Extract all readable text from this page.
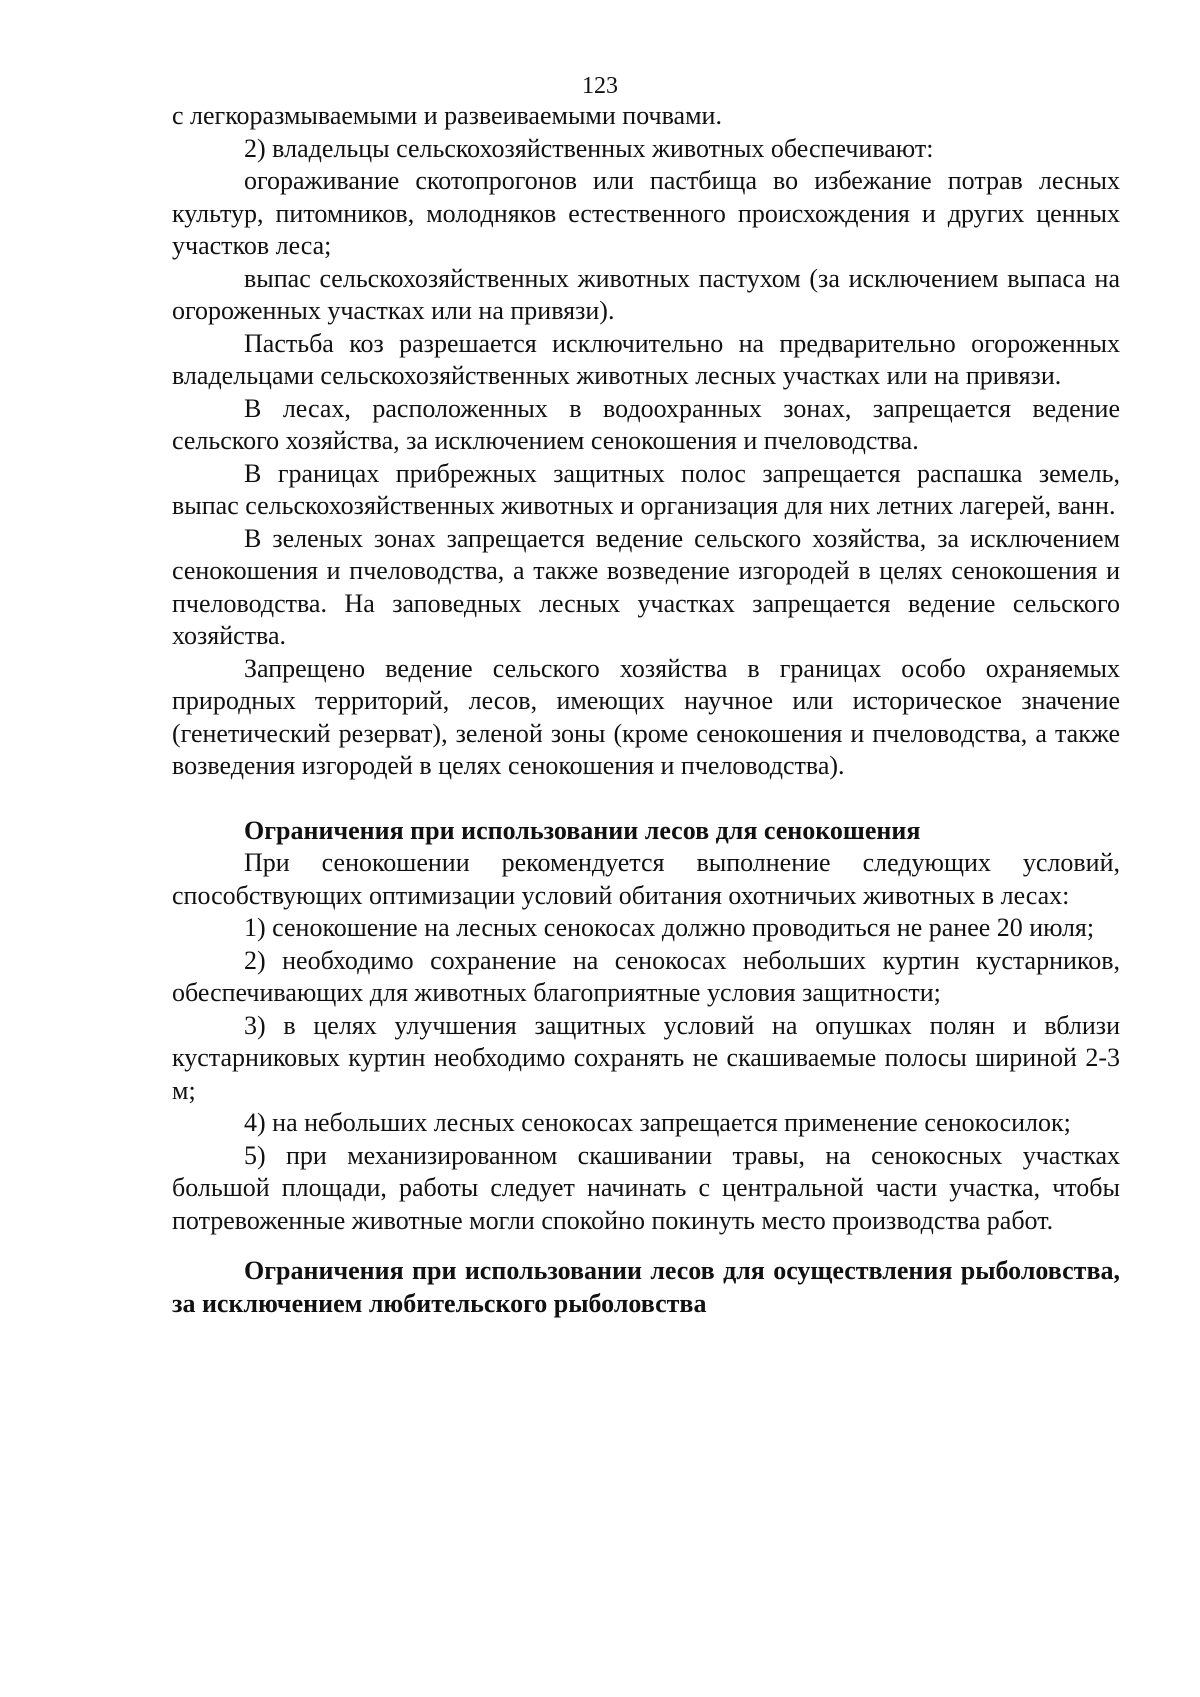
123

с легкоразмываемыми и развеиваемыми почвами.

2) владельцы сельскохозяйственных животных обеспечивают:

огораживание скотопрогонов или пастбища во избежание потрав лесных культур, питомников, молодняков естественного происхождения и других ценных участков леса;

выпас сельскохозяйственных животных пастухом (за исключением выпаса на огороженных участках или на привязи).

Пастьба коз разрешается исключительно на предварительно огороженных владельцами сельскохозяйственных животных лесных участках или на привязи.

В лесах, расположенных в водоохранных зонах, запрещается ведение сельского хозяйства, за исключением сенокошения и пчеловодства.

В границах прибрежных защитных полос запрещается распашка земель, выпас сельскохозяйственных животных и организация для них летних лагерей, ванн.

В зеленых зонах запрещается ведение сельского хозяйства, за исключением сенокошения и пчеловодства, а также возведение изгородей в целях сенокошения и пчеловодства. На заповедных лесных участках запрещается ведение сельского хозяйства.

Запрещено ведение сельского хозяйства в границах особо охраняемых природных территорий, лесов, имеющих научное или историческое значение (генетический резерват), зеленой зоны (кроме сенокошения и пчеловодства, а также возведения изгородей в целях сенокошения и пчеловодства).

Ограничения при использовании лесов для сенокошения

При сенокошении рекомендуется выполнение следующих условий, способствующих оптимизации условий обитания охотничьих животных в лесах:

1) сенокошение на лесных сенокосах должно проводиться не ранее 20 июля;

2) необходимо сохранение на сенокосах небольших куртин кустарников, обеспечивающих для животных благоприятные условия защитности;

3) в целях улучшения защитных условий на опушках полян и вблизи кустарниковых куртин необходимо сохранять не скашиваемые полосы шириной 2-3 м;

4) на небольших лесных сенокосах запрещается применение сенокосилок;

5) при механизированном скашивании травы, на сенокосных участках большой площади, работы следует начинать с центральной части участка, чтобы потревоженные животные могли спокойно покинуть место производства работ.

Ограничения при использовании лесов для осуществления рыболовства, за исключением любительского рыболовства
